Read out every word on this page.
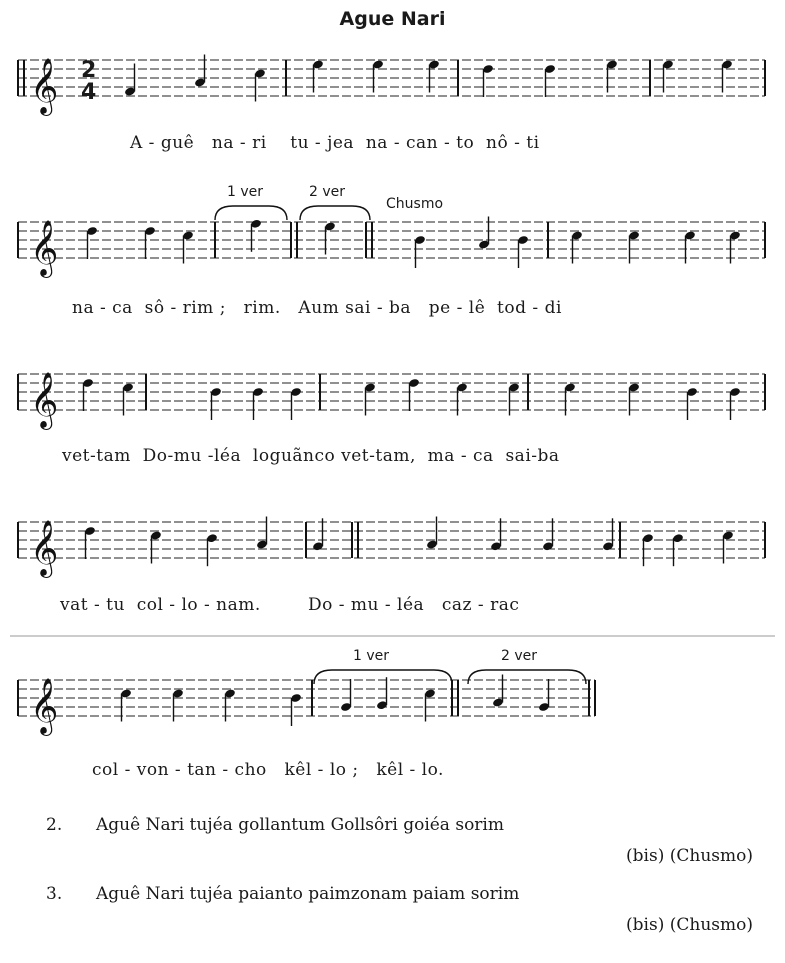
Ague Nari
𝄞
𝄞
𝄞
𝄞
𝄞
2
4
1 ver	2 ver
Chusmo
1 ver	2 ver
A - guê   na - ri    tu - jea  na - can - to  nô - ti
na - ca  sô - rim ;   rim.   Aum sai - ba   pe - lê  tod - di
vet-tam  Do-mu -léa  loguãnco vet-tam,  ma - ca  sai-ba
vat - tu  col - lo - nam.        Do - mu - léa   caz - rac
col - von - tan - cho   kêl - lo ;   kêl - lo.
2. Aguê Nari tujéa gollantum Gollsôri goiéa sorim
(bis) (Chusmo)
3. Aguê Nari tujéa paianto paimzonam paiam sorim
(bis) (Chusmo)
